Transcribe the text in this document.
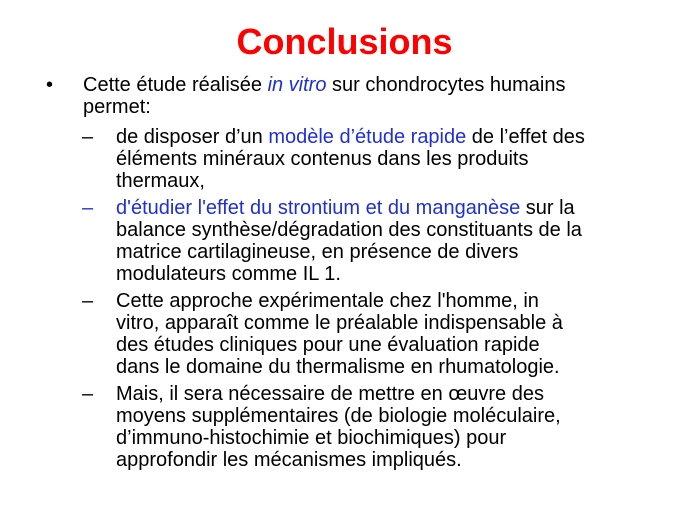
Conclusions
• Cette étude réalisée in vitro sur chondrocytes humains
permet:
– de disposer d’un modèle d’étude rapide de l’effet des
éléments minéraux contenus dans les produits
thermaux,
– d'étudier l'effet du strontium et du manganèse sur la
balance synthèse/dégradation des constituants de la
matrice cartilagineuse, en présence de divers
modulateurs comme IL 1.
– Cette approche expérimentale chez l'homme, in
vitro, apparaît comme le préalable indispensable à
des études cliniques pour une évaluation rapide
dans le domaine du thermalisme en rhumatologie.
– Mais, il sera nécessaire de mettre en œuvre des
moyens supplémentaires (de biologie moléculaire,
d’immuno-histochimie et biochimiques) pour
approfondir les mécanismes impliqués.
